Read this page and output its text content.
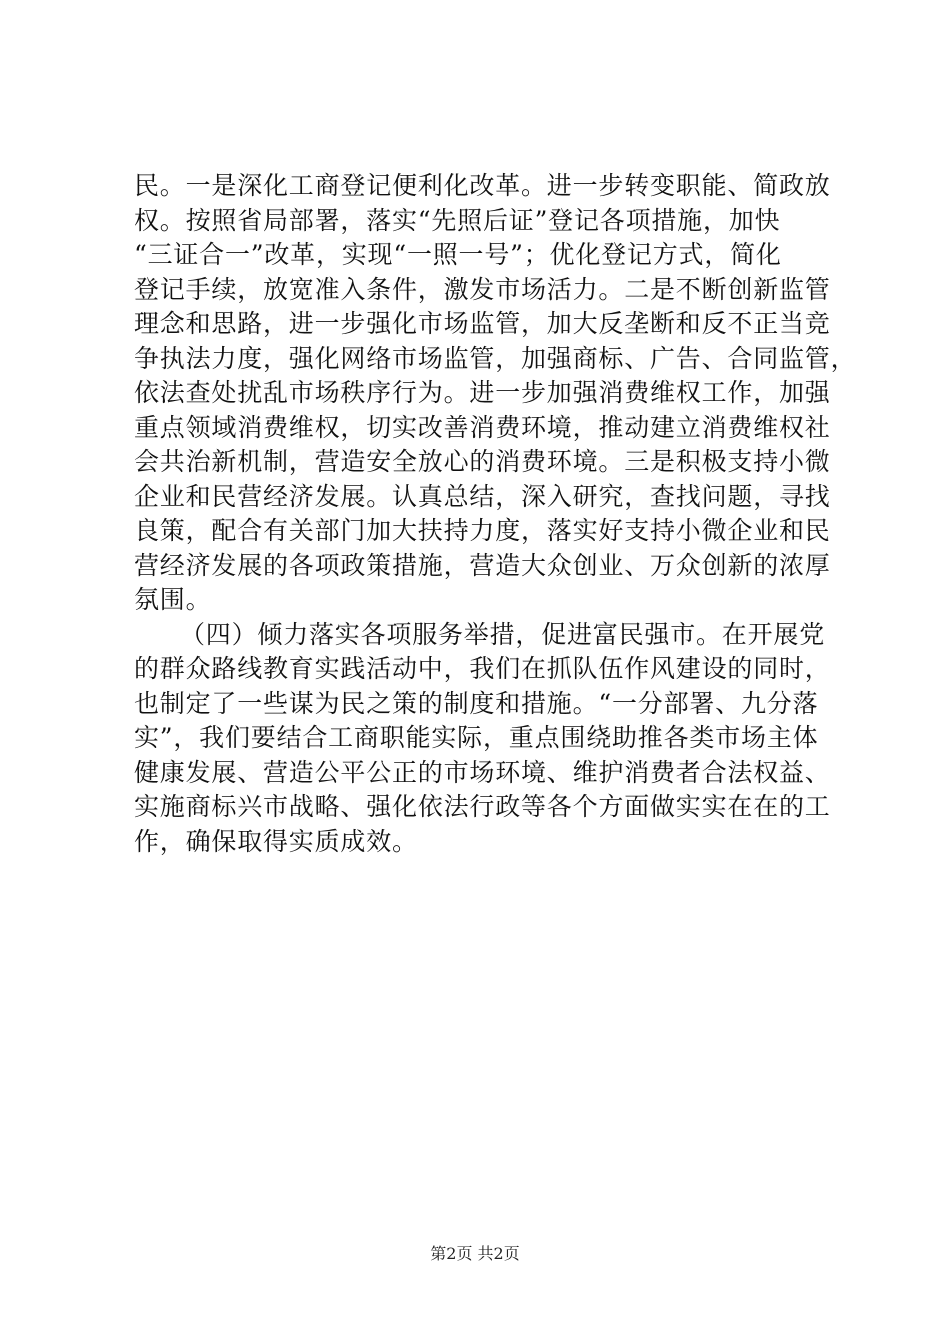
民。一是深化工商登记便利化改革。进一步转变职能、简政放
权。按照省局部署，落实“先照后证”登记各项措施，加快
“三证合一”改革，实现“一照一号”；优化登记方式，简化
登记手续，放宽准入条件，激发市场活力。二是不断创新监管
理念和思路，进一步强化市场监管，加大反垄断和反不正当竞
争执法力度，强化网络市场监管，加强商标、广告、合同监管，
依法查处扰乱市场秩序行为。进一步加强消费维权工作，加强
重点领域消费维权，切实改善消费环境，推动建立消费维权社
会共治新机制，营造安全放心的消费环境。三是积极支持小微
企业和民营经济发展。认真总结，深入研究，查找问题，寻找
良策，配合有关部门加大扶持力度，落实好支持小微企业和民
营经济发展的各项政策措施，营造大众创业、万众创新的浓厚
氛围。
（四）倾力落实各项服务举措，促进富民强市。在开展党
的群众路线教育实践活动中，我们在抓队伍作风建设的同时，
也制定了一些谋为民之策的制度和措施。“一分部署、九分落
实”，我们要结合工商职能实际，重点围绕助推各类市场主体
健康发展、营造公平公正的市场环境、维护消费者合法权益、
实施商标兴市战略、强化依法行政等各个方面做实实在在的工
作，确保取得实质成效。
第2页 共2页
